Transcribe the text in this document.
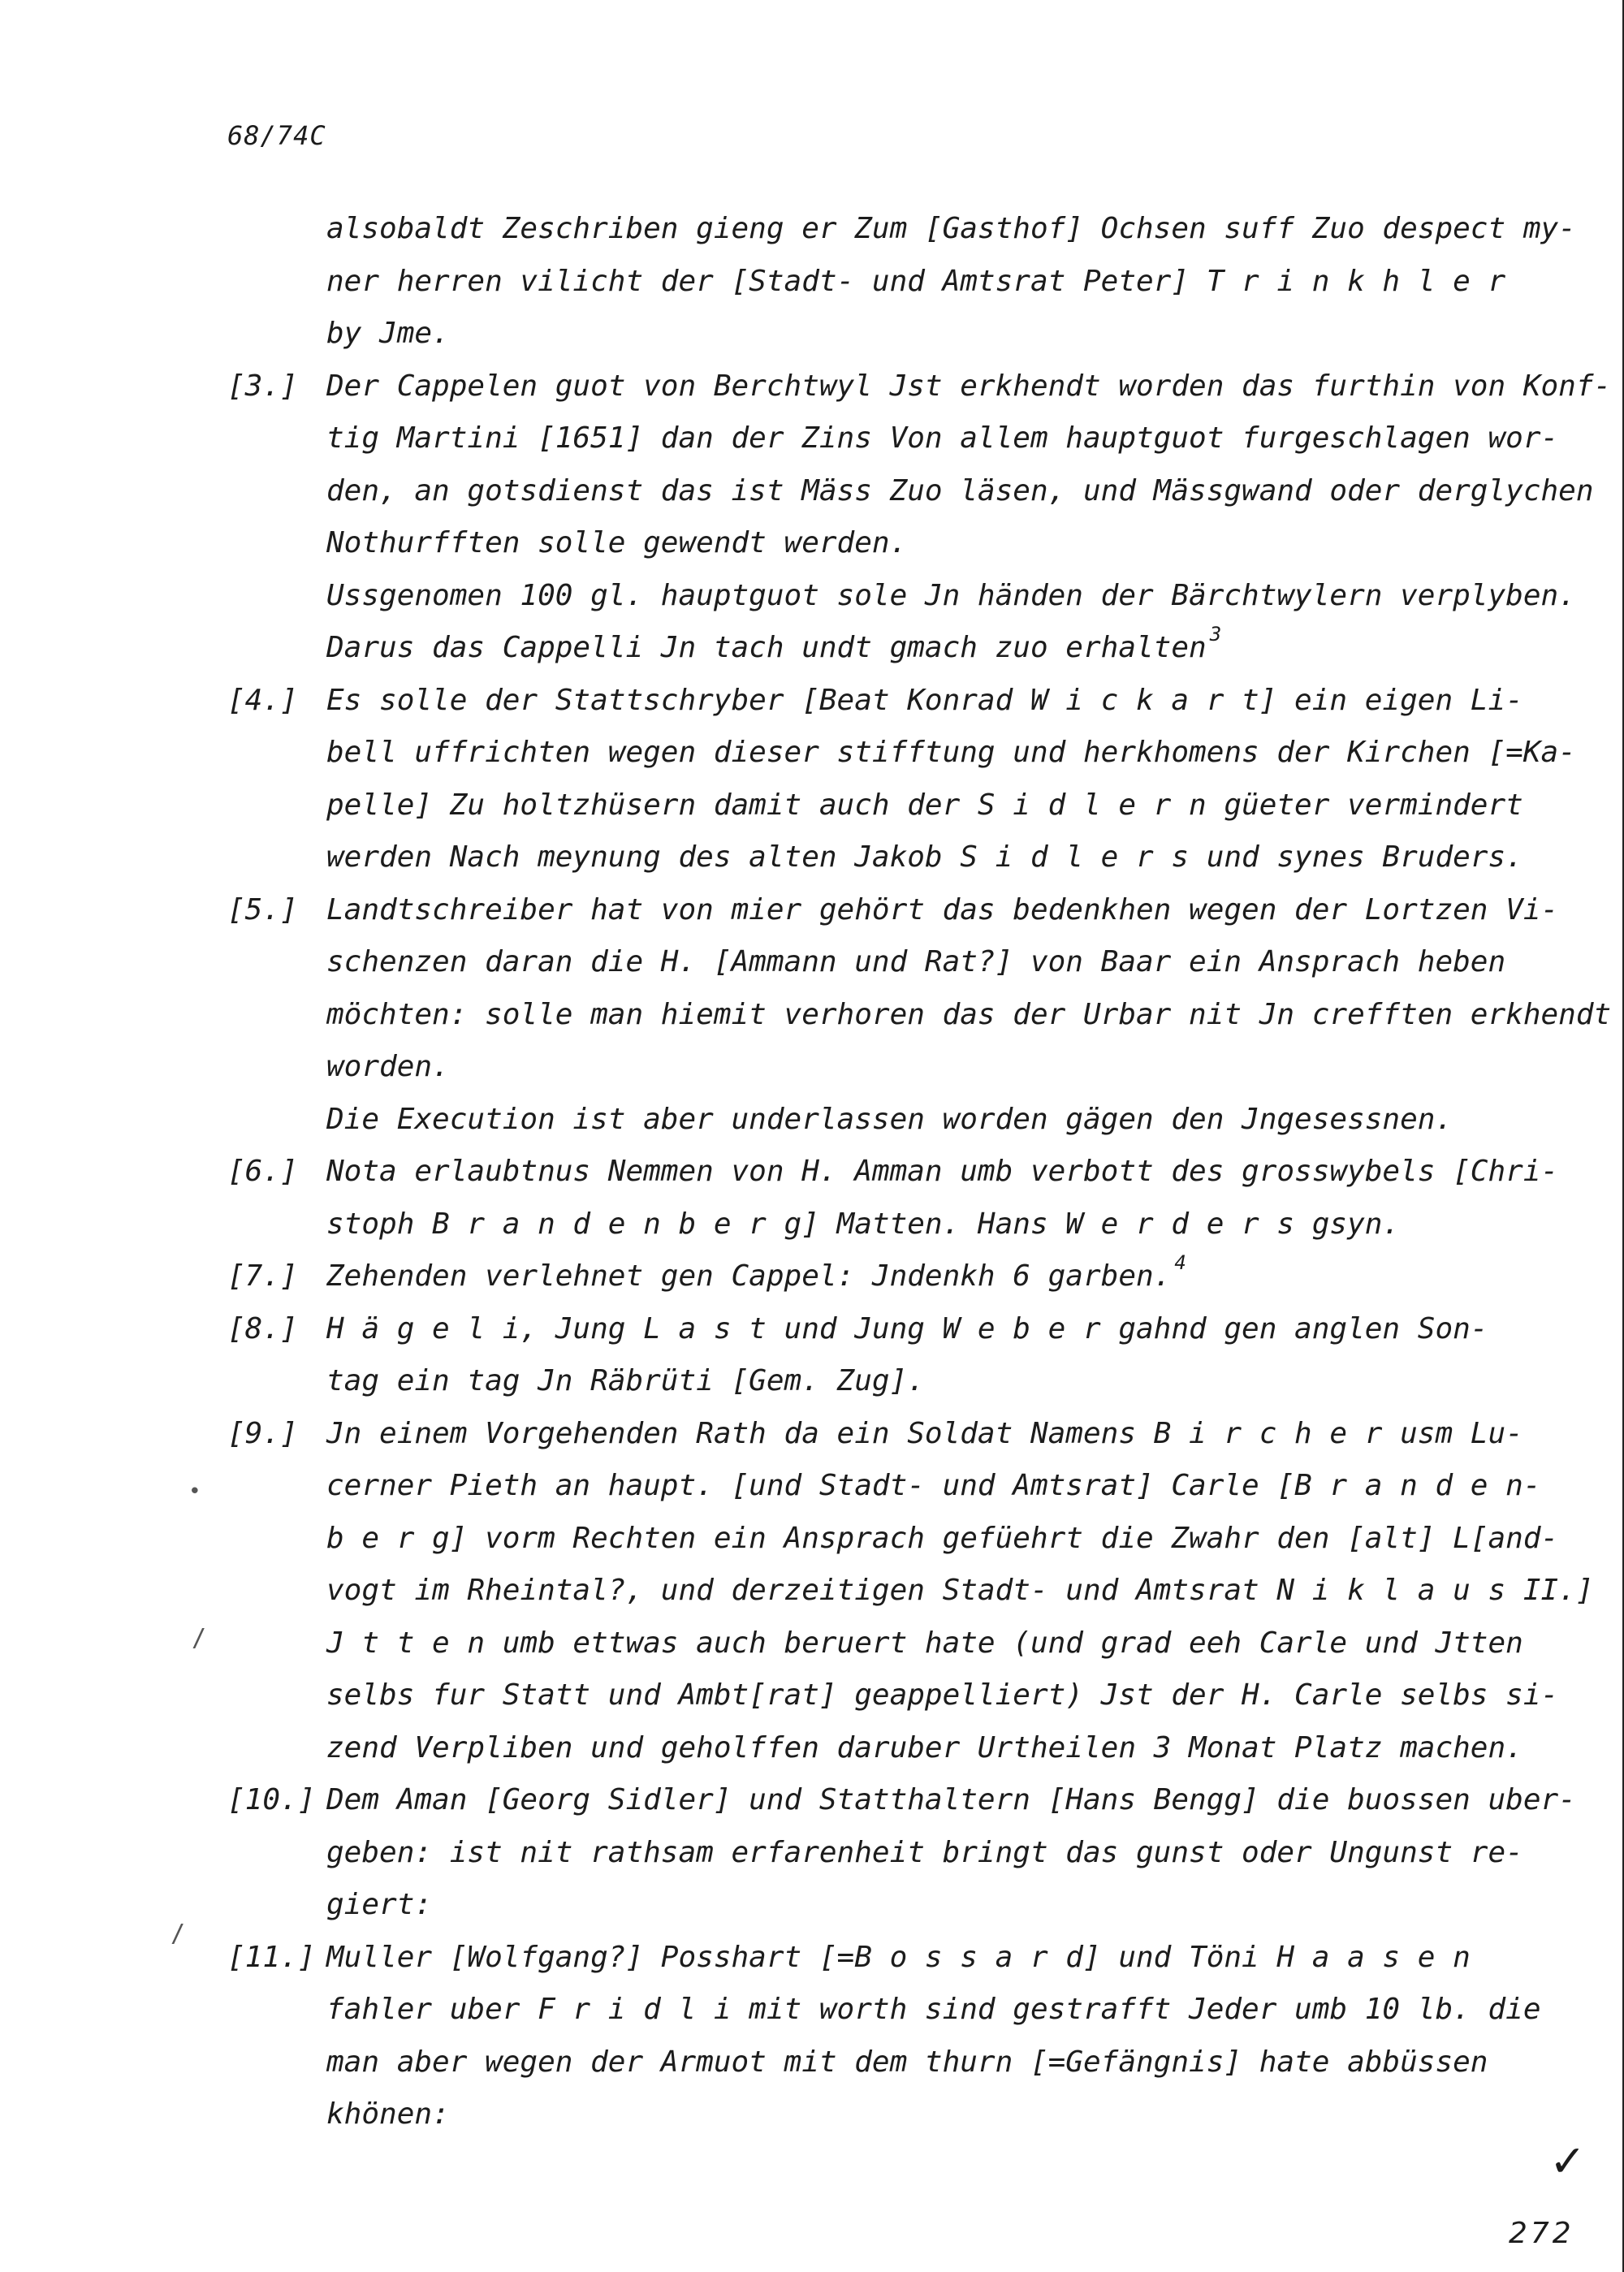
68/74C
alsobaldt Zeschriben gieng er Zum [Gasthof] Ochsen suff Zuo despect my-
ner herren vilicht der [Stadt- und Amtsrat Peter] T r i n k h l e r
by Jme.
[3.] Der Cappelen guot von Berchtwyl Jst erkhendt worden das furthin von Konf-
tig Martini [1651] dan der Zins Von allem hauptguot furgeschlagen wor-
den, an gotsdienst das ist Mäss Zuo läsen, und Mässgwand oder derglychen
Nothurfften solle gewendt werden.
Ussgenomen 100 gl. hauptguot sole Jn händen der Bärchtwylern verplyben.
Darus das Cappelli Jn tach undt gmach zuo erhalten $^3$
[4.] Es solle der Stattschryber [Beat Konrad W i c k a r t] ein eigen Li-
bell uffrichten wegen dieser stifftung und herkhomens der Kirchen [=Ka-
pelle] Zu holtzhüsern damit auch der S i d l e r n güeter vermindert
werden Nach meynung des alten Jakob S i d l e r s und synes Bruders.
[5.] Landtschreiber hat von mier gehört das bedenkhen wegen der Lortzen Vi-
schenzen daran die H. [Ammann und Rat?] von Baar ein Ansprach heben
möchten: solle man hiemit verhoren das der Urbar nit Jn crefften erkhendt
worden.
Die Execution ist aber underlassen worden gägen den Jngesessnen.
[6.] Nota erlaubtnus Nemmen von H. Amman umb verbott des grosswybels [Chri-
stoph B r a n d e n b e r g] Matten. Hans W e r d e r s gsyn.
[7.] Zehenden verlehnet gen Cappel: Jndenkh 6 garben. $^4$
[8.] H ä g e l i, Jung L a s t und Jung W e b e r gahnd gen anglen Son-
tag ein tag Jn Räbrüti [Gem. Zug].
[9.] Jn einem Vorgehenden Rath da ein Soldat Namens B i r c h e r usm Lu-
cerner Pieth an haupt. [und Stadt- und Amtsrat] Carle [B r a n d e n-
b e r g] vorm Rechten ein Ansprach gefüehrt die Zwahr den [alt] L[and-
vogt im Rheintal?, und derzeitigen Stadt- und Amtsrat N i k l a u s II.]
J t t e n umb ettwas auch beruert hate (und grad eeh Carle und Jtten
selbs fur Statt und Ambt[rat] geappelliert) Jst der H. Carle selbs si-
zend Verpliben und geholffen daruber Urtheilen 3 Monat Platz machen.
[10.] Dem Aman [Georg Sidler] und Statthaltern [Hans Bengg] die buossen uber-
geben: ist nit rathsam erfarenheit bringt das gunst oder Ungunst re-
giert:
[11.] Muller [Wolfgang?] Posshart [=B o s s a r d] und Töni H a a s e n
fahler uber F r i d l i mit worth sind gestrafft Jeder umb 10 lb. die
man aber wegen der Armuot mit dem thurn [=Gefängnis] hate abbüssen
khönen:
•
/
/
✓
272
